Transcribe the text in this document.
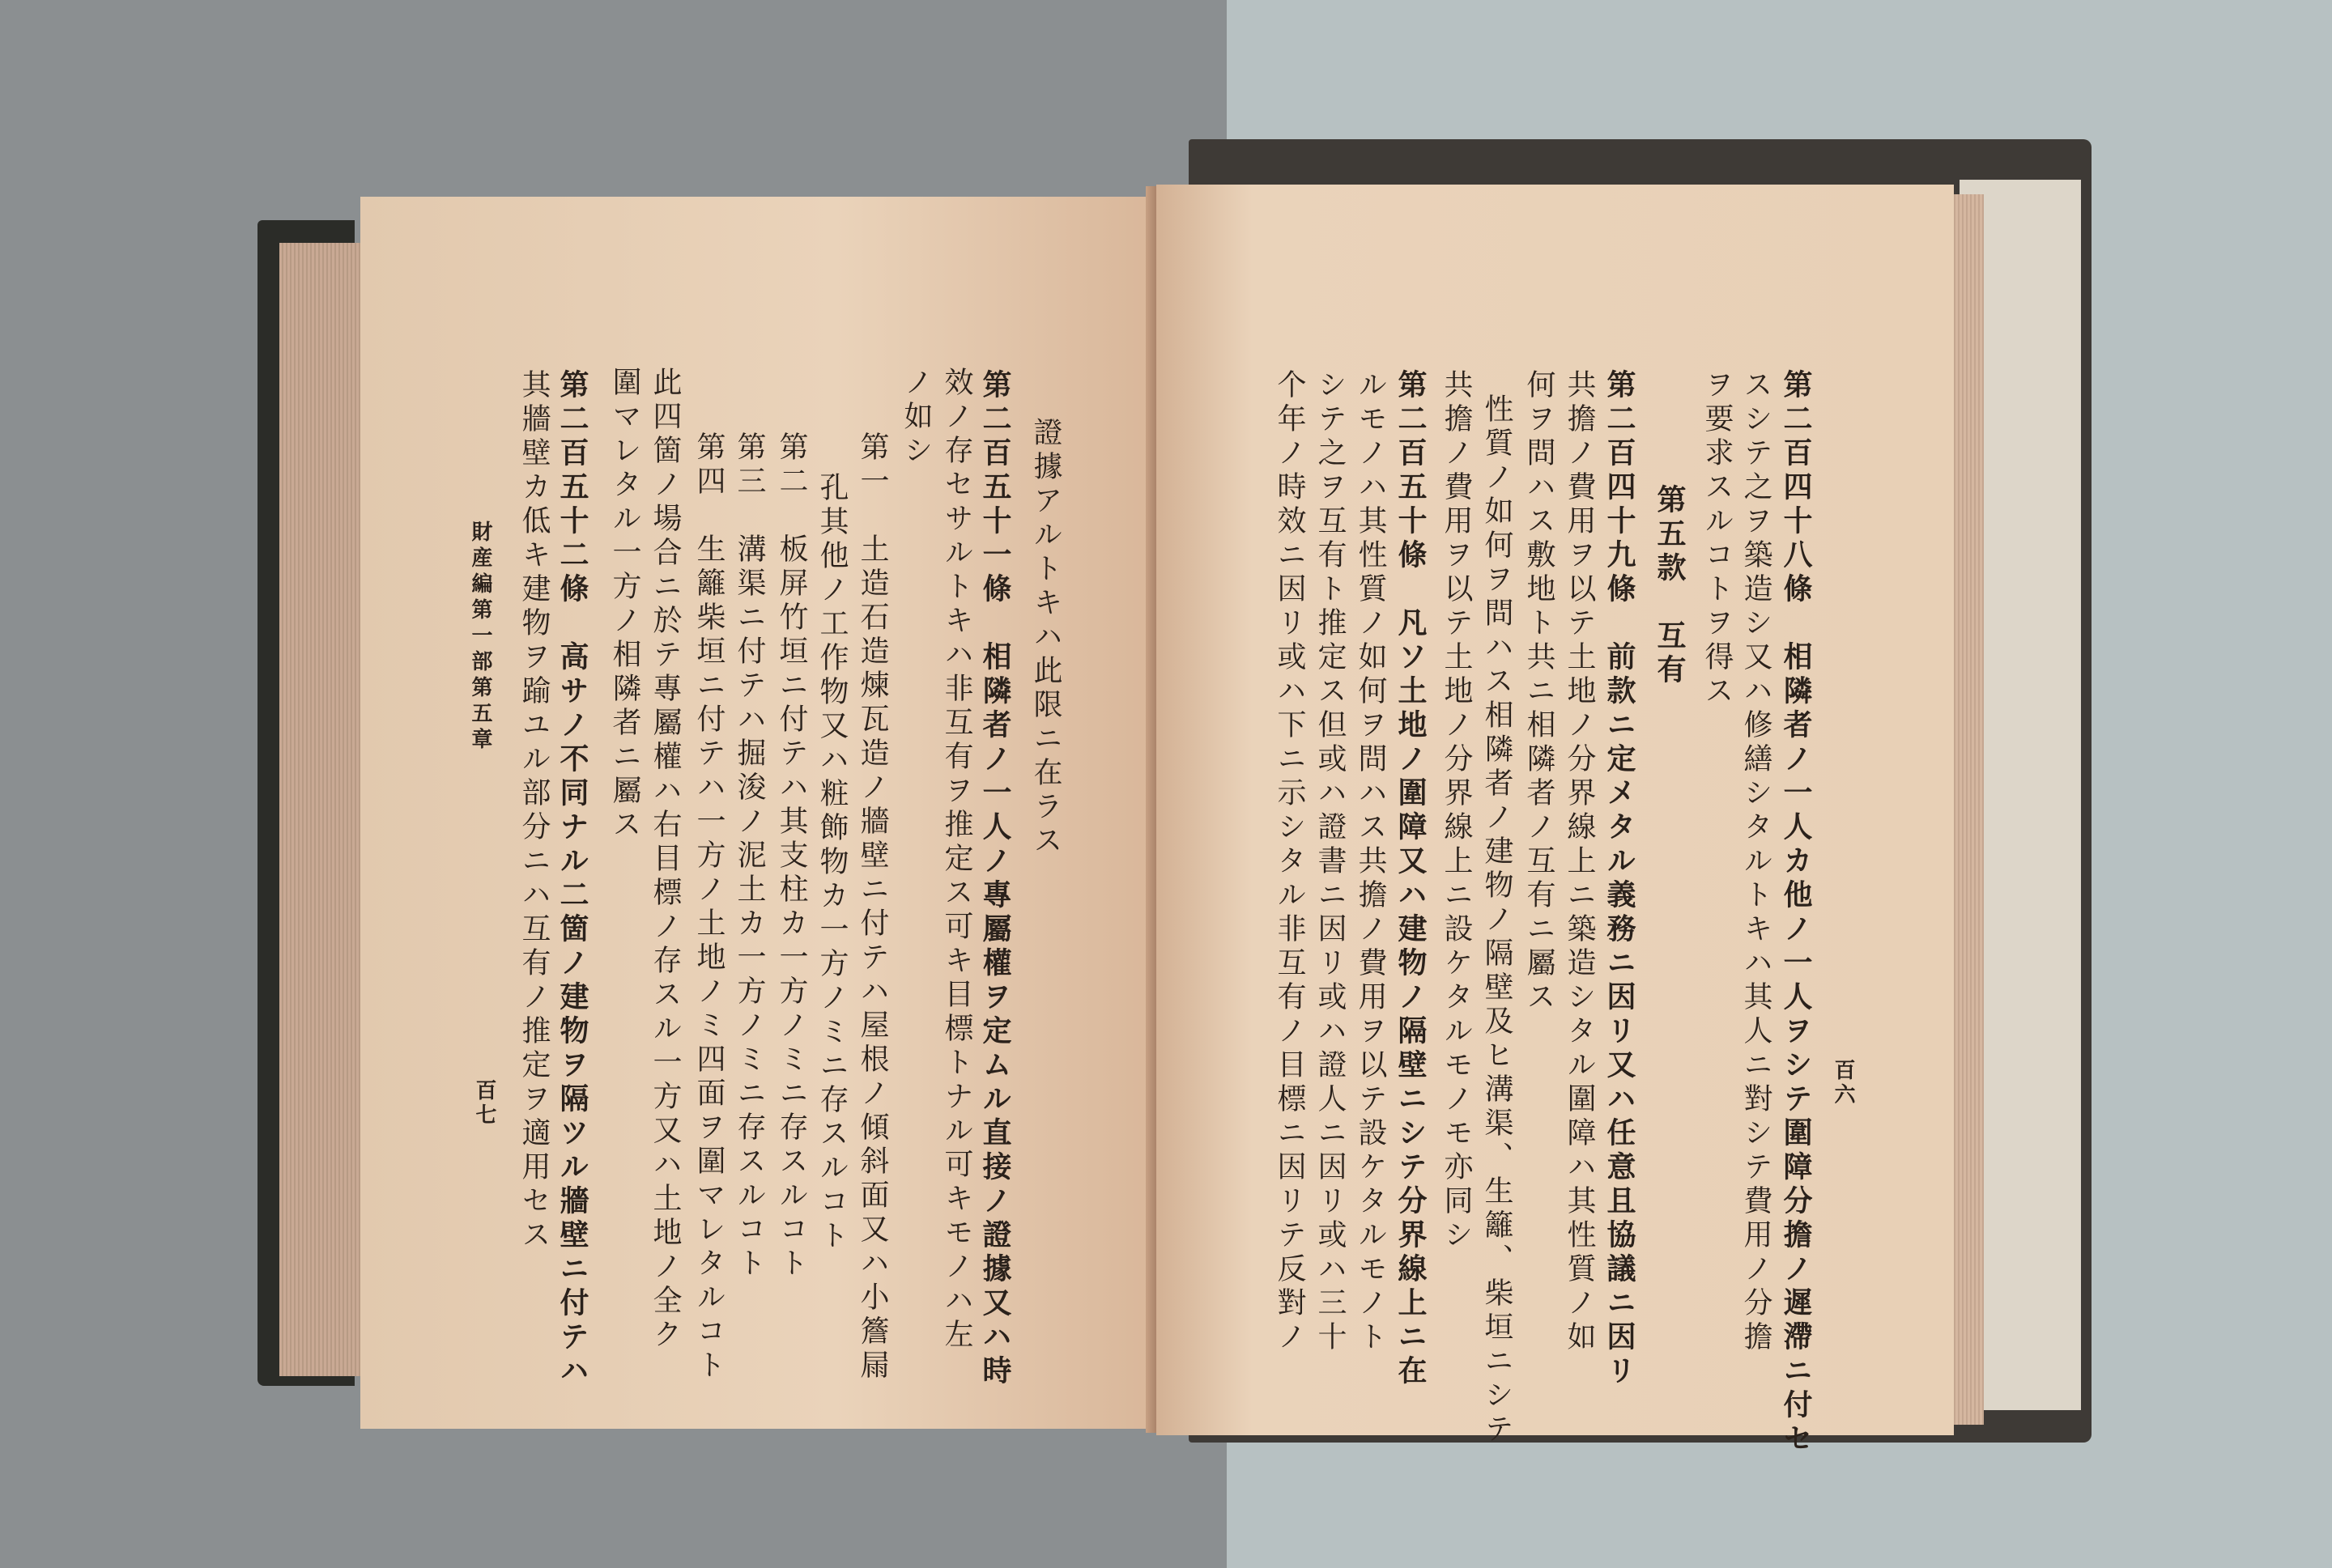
證據アルトキハ此限ニ在ラス
第二百五十一條　相隣者ノ一人ノ專屬權ヲ定ムル直接ノ證據又ハ時
效ノ存セサルトキハ非互有ヲ推定ス可キ目標トナル可キモノハ左
ノ如シ
第一　土造石造煉瓦造ノ牆壁ニ付テハ屋根ノ傾斜面又ハ小簷屚
孔其他ノ工作物又ハ粧飾物カ一方ノミニ存スルコト
第二　板屏竹垣ニ付テハ其支柱カ一方ノミニ存スルコト
第三　溝渠ニ付テハ掘浚ノ泥土カ一方ノミニ存スルコト
第四　生籬柴垣ニ付テハ一方ノ土地ノミ四面ヲ圍マレタルコト
此四箇ノ場合ニ於テ專屬權ハ右目標ノ存スル一方又ハ土地ノ全ク
圍マレタル一方ノ相隣者ニ屬ス
第二百五十二條　高サノ不同ナル二箇ノ建物ヲ隔ツル牆壁ニ付テハ
其牆壁カ低キ建物ヲ踰ユル部分ニハ互有ノ推定ヲ適用セス
財産編第一部第五章
百七	百六
第二百四十八條　相隣者ノ一人カ他ノ一人ヲシテ圍障分擔ノ遲滯ニ付セ
スシテ之ヲ築造シ又ハ修繕シタルトキハ其人ニ對シテ費用ノ分擔
ヲ要求スルコトヲ得ス
第五款　互有
第二百四十九條　前款ニ定メタル義務ニ因リ又ハ任意且協議ニ因リ
共擔ノ費用ヲ以テ土地ノ分界線上ニ築造シタル圍障ハ其性質ノ如
何ヲ問ハス敷地ト共ニ相隣者ノ互有ニ屬ス
性質ノ如何ヲ問ハス相隣者ノ建物ノ隔壁及ヒ溝渠、生籬、柴垣ニシテ
共擔ノ費用ヲ以テ土地ノ分界線上ニ設ケタルモノモ亦同シ
第二百五十條　凡ソ土地ノ圍障又ハ建物ノ隔壁ニシテ分界線上ニ在
ルモノハ其性質ノ如何ヲ問ハス共擔ノ費用ヲ以テ設ケタルモノト
シテ之ヲ互有ト推定ス但或ハ證書ニ因リ或ハ證人ニ因リ或ハ三十
个年ノ時效ニ因リ或ハ下ニ示シタル非互有ノ目標ニ因リテ反對ノ
